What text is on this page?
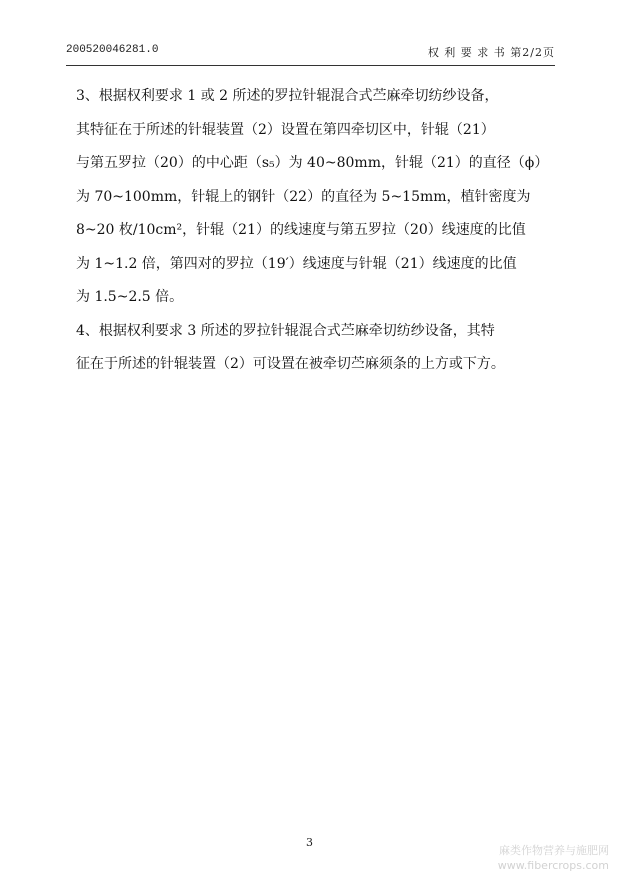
200520046281.0	权 利 要 求 书 第2/2页
3、根据权利要求 1 或 2 所述的罗拉针辊混合式苎麻牵切纺纱设备，
其特征在于所述的针辊装置（2）设置在第四牵切区中，针辊（21）
与第五罗拉（20）的中心距（s₅）为 40~80mm，针辊（21）的直径（ϕ）
为 70~100mm，针辊上的钢针（22）的直径为 5~15mm，植针密度为
8~20 枚/10cm²，针辊（21）的线速度与第五罗拉（20）线速度的比值
为 1~1.2 倍，第四对的罗拉（19′）线速度与针辊（21）线速度的比值
为 1.5~2.5 倍。
4、根据权利要求 3 所述的罗拉针辊混合式苎麻牵切纺纱设备，其特
征在于所述的针辊装置（2）可设置在被牵切苎麻须条的上方或下方。
3
麻类作物营养与施肥网
www.fibercrops.com
